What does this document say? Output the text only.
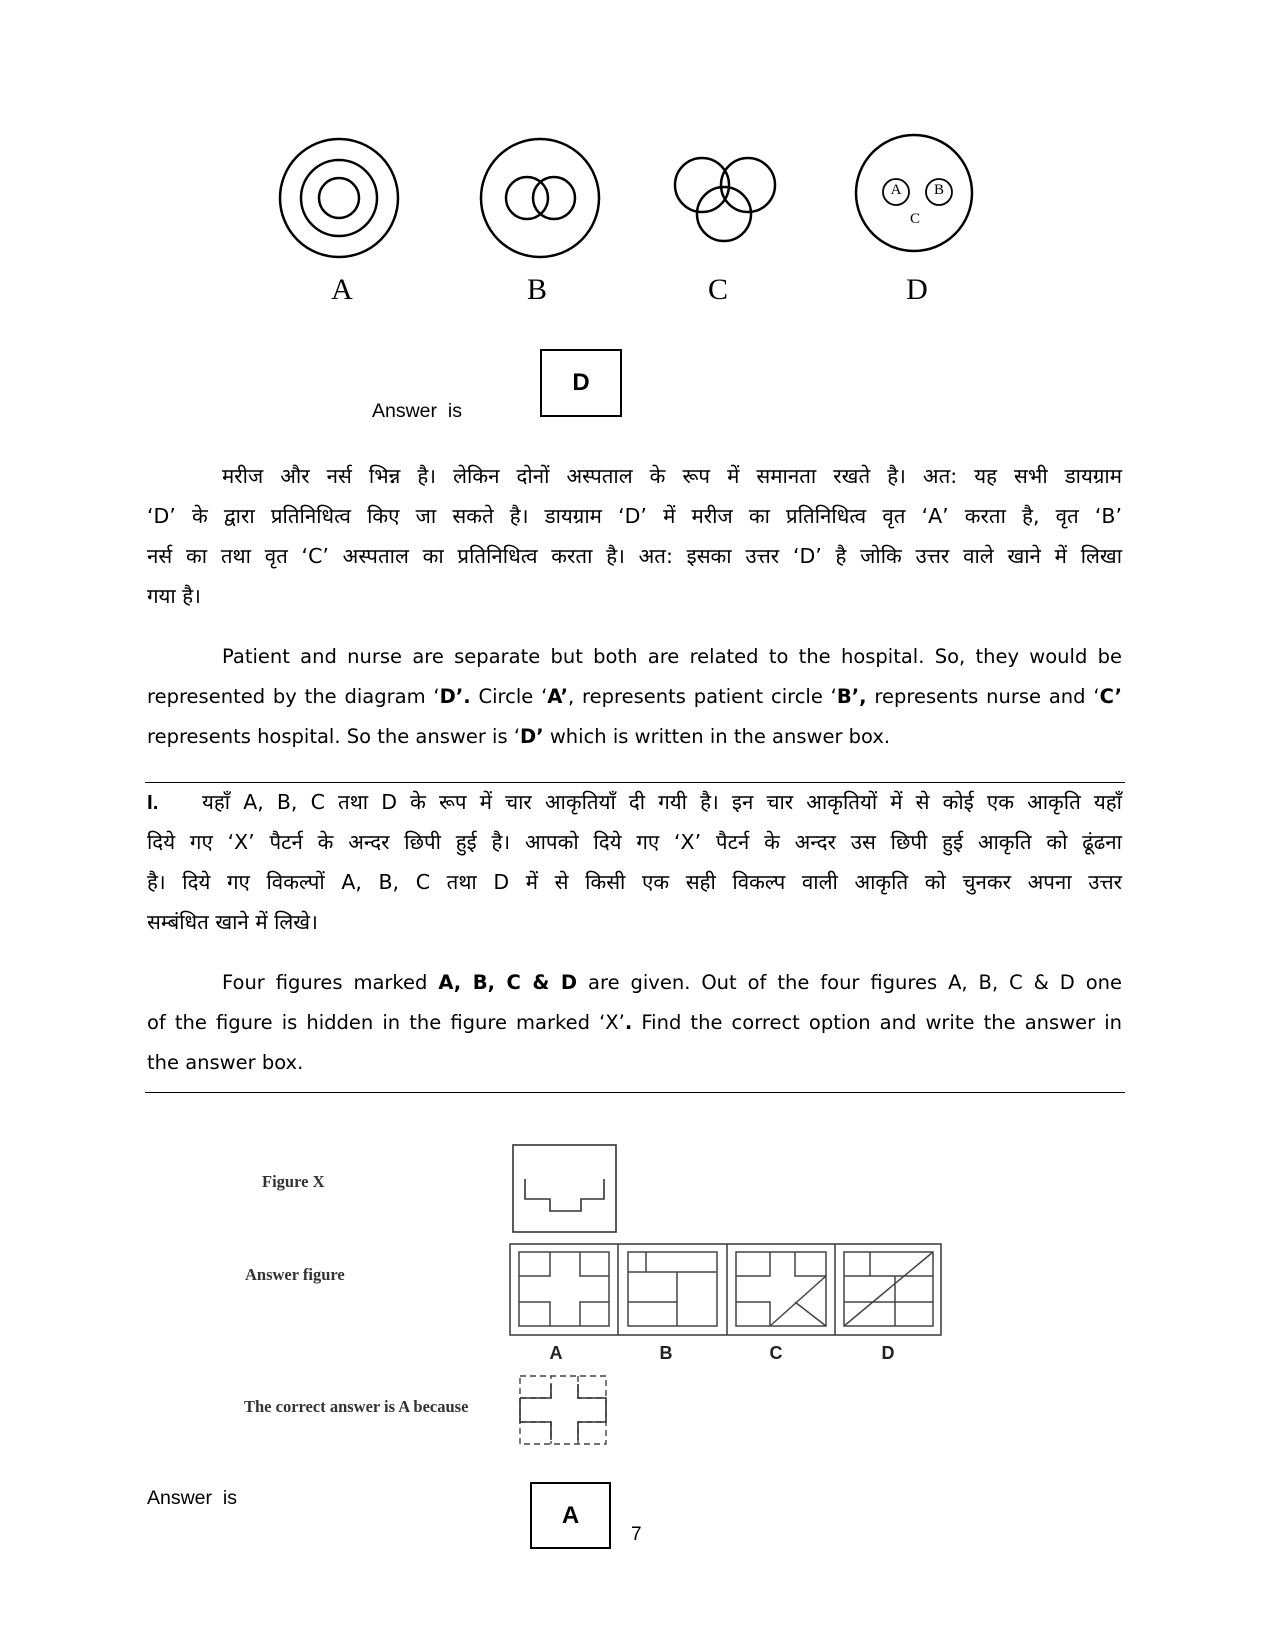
A B
C
A	B	C	D
Answer  is
D
मरीज और नर्स भिन्न है। लेकिन दोनों अस्पताल के रूप में समानता रखते है। अत: यह सभी डायग्राम
‘D’ के द्वारा प्रतिनिधित्व किए जा सकते है। डायग्राम ‘D’ में मरीज का प्रतिनिधित्व वृत ‘A’ करता है, वृत ‘B’
नर्स का तथा वृत ‘C’ अस्पताल का प्रतिनिधित्व करता है। अत: इसका उत्तर ‘D’ है जोकि उत्तर वाले खाने में लिखा
गया है।
Patient and nurse are separate but both are related to the hospital. So, they would be
represented by the diagram ‘D’. Circle ‘A’, represents patient circle ‘B’, represents nurse and ‘C’
represents hospital. So the answer is ‘D’ which is written in the answer box.
I. यहाँ A, B, C तथा D के रूप में चार आकृतियाँ दी गयी है। इन चार आकृतियों में से कोई एक आकृति यहाँ
दिये गए ‘X’ पैटर्न के अन्दर छिपी हुई है। आपको दिये गए ‘X’ पैटर्न के अन्दर उस छिपी हुई आकृति को ढूंढना
है। दिये गए विकल्पों A, B, C तथा D में से किसी एक सही विकल्प वाली आकृति को चुनकर अपना उत्तर
सम्बंधित खाने में लिखे।
Four figures marked A, B, C & D are given. Out of the four figures A, B, C & D one
of the figure is hidden in the figure marked ‘X’. Find the correct option and write the answer in
the answer box.
Figure X
Answer figure
The correct answer is A because
A	B	C	D
Answer  is
A
7
